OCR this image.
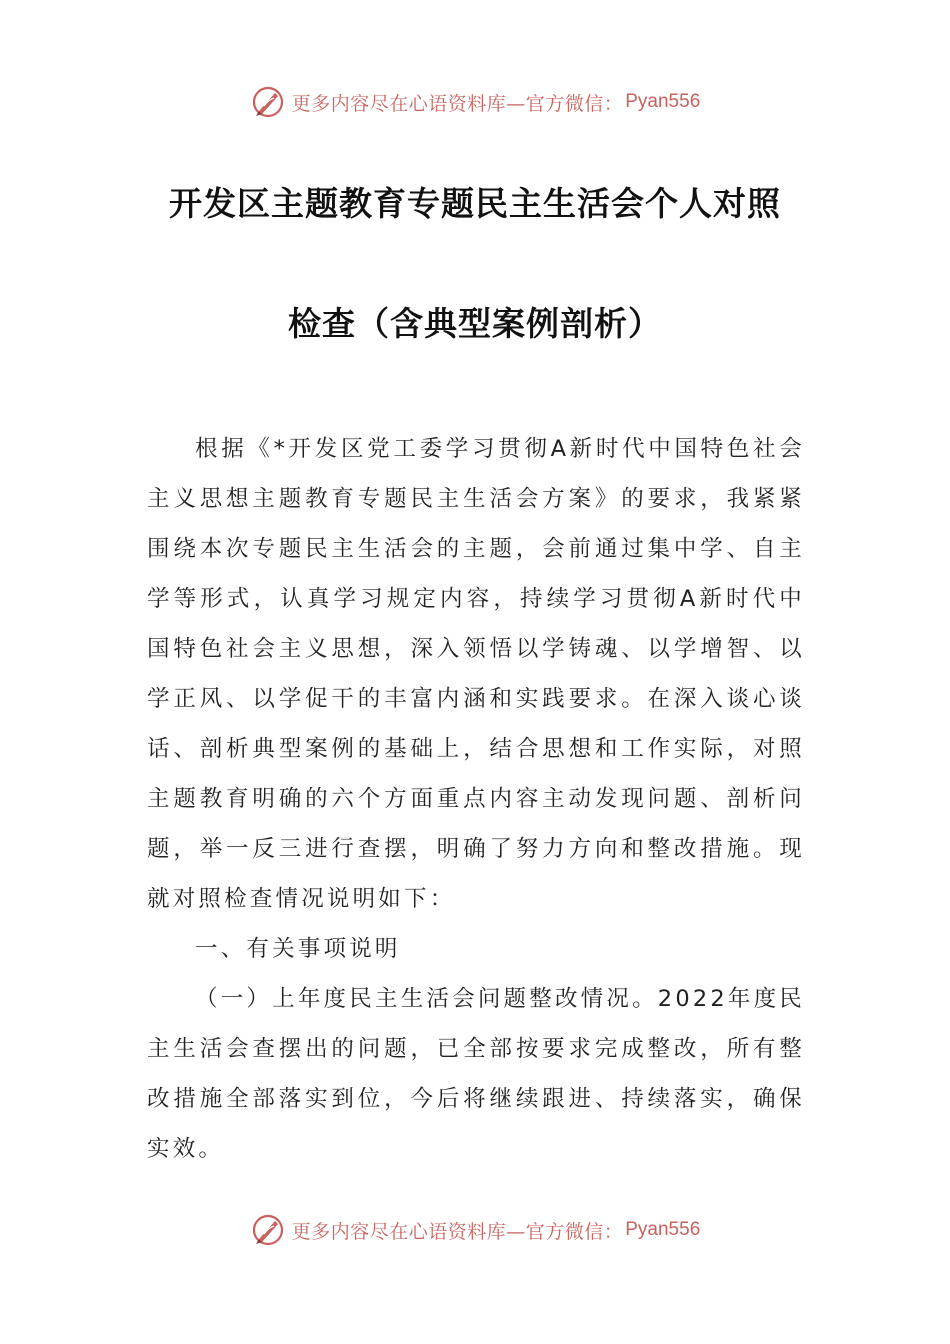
更多内容尽在心语资料库—官方微信： Pyan556
开发区主题教育专题民主生活会个人对照
检查（含典型案例剖析）

根据《*开发区党工委学习贯彻A新时代中国特色社会主义思想主题教育专题民主生活会方案》的要求，我紧紧围绕本次专题民主生活会的主题，会前通过集中学、自主学等形式，认真学习规定内容，持续学习贯彻A新时代中国特色社会主义思想，深入领悟以学铸魂、以学增智、以学正风、以学促干的丰富内涵和实践要求。在深入谈心谈话、剖析典型案例的基础上，结合思想和工作实际，对照主题教育明确的六个方面重点内容主动发现问题、剖析问题，举一反三进行查摆，明确了努力方向和整改措施。现就对照检查情况说明如下：

一、有关事项说明

（一）上年度民主生活会问题整改情况。2022年度民主生活会查摆出的问题，已全部按要求完成整改，所有整改措施全部落实到位，今后将继续跟进、持续落实，确保实效。

更多内容尽在心语资料库—官方微信： Pyan556
